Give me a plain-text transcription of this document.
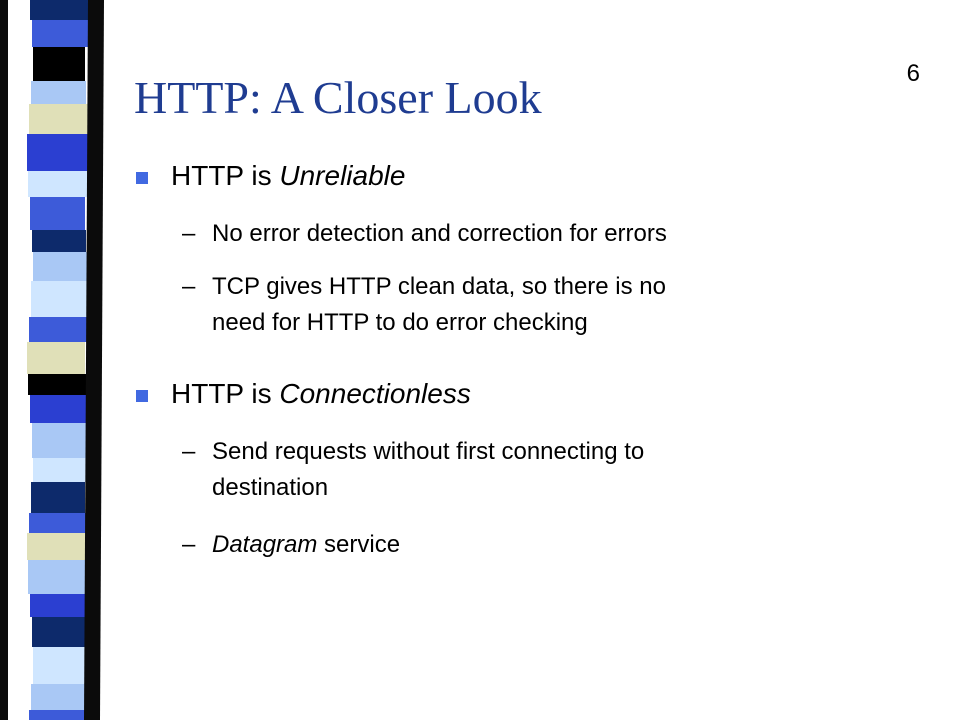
6
HTTP: A Closer Look
HTTP is Unreliable
– No error detection and correction for errors
– TCP gives HTTP clean data, so there is no
need for HTTP to do error checking
HTTP is Connectionless
– Send requests without first connecting to
destination
– Datagram service
